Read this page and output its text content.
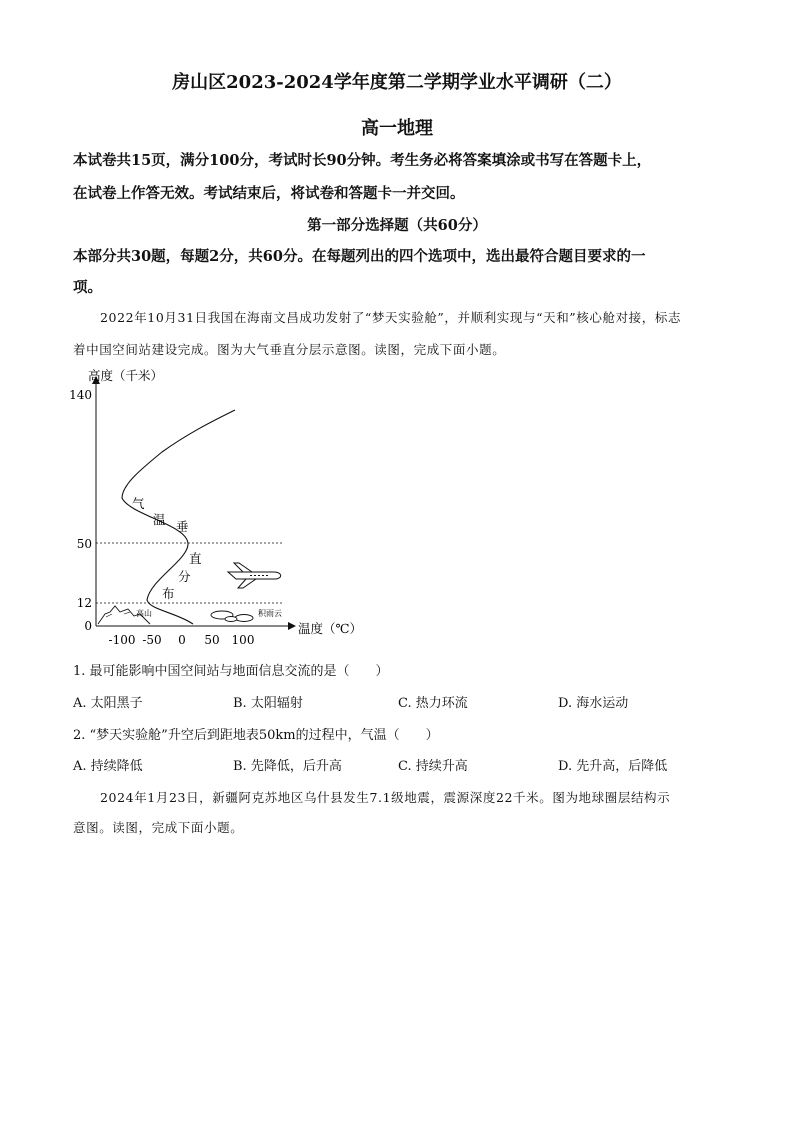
房山区2023-2024学年度第二学期学业水平调研（二）
高一地理
本试卷共15页，满分100分，考试时长90分钟。考生务必将答案填涂或书写在答题卡上，
在试卷上作答无效。考试结束后，将试卷和答题卡一并交回。
第一部分选择题（共60分）
本部分共30题，每题2分，共60分。在每题列出的四个选项中，选出最符合题目要求的一
项。
2022年10月31日我国在海南文昌成功发射了“梦天实验舱”，并顺利实现与“天和”核心舱对接，标志
着中国空间站建设完成。图为大气垂直分层示意图。读图，完成下面小题。
高度（千米）
140
50
12
0
-100 -50 0 50 100
温度（℃）
气
温 垂
直
分
布
高山	积雨云
1. 最可能影响中国空间站与地面信息交流的是（　　）
A. 太阳黑子	B. 太阳辐射	C. 热力环流	D. 海水运动
2. “梦天实验舱”升空后到距地表50km的过程中，气温（　　）
A. 持续降低	B. 先降低，后升高	C. 持续升高	D. 先升高，后降低
2024年1月23日，新疆阿克苏地区乌什县发生7.1级地震，震源深度22千米。图为地球圈层结构示
意图。读图，完成下面小题。
